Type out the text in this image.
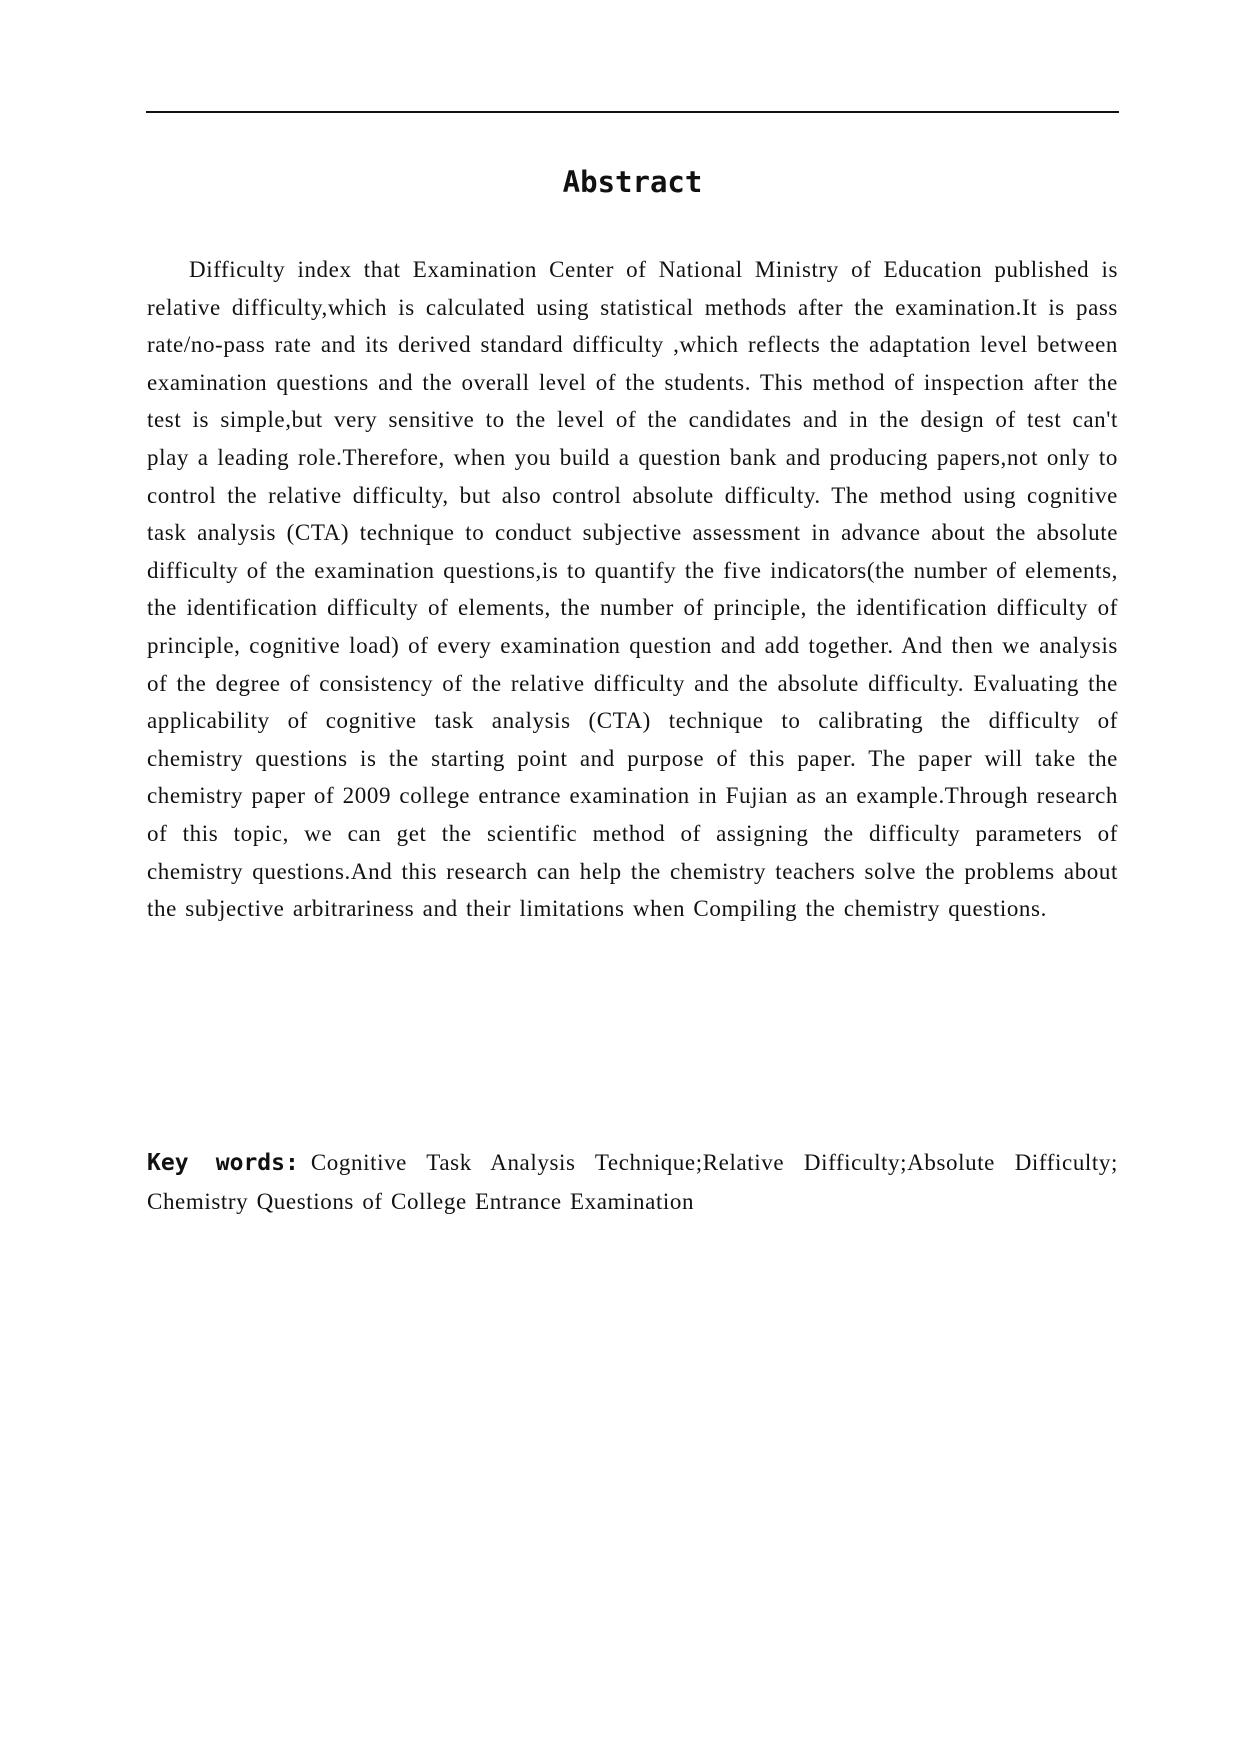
Abstract

Difficulty index that Examination Center of National Ministry of Education published is relative difficulty,which is calculated using statistical methods after the examination.It is pass rate/no-pass rate and its derived standard difficulty ,which reflects the adaptation level between examination questions and the overall level of the students. This method of inspection after the test is simple,but very sensitive to the level of the candidates and in the design of test can't play a leading role.Therefore, when you build a question bank and producing papers,not only to control the relative difficulty, but also control absolute difficulty. The method using cognitive task analysis (CTA) technique to conduct subjective assessment in advance about the absolute difficulty of the examination questions,is to quantify the five indicators(the number of elements, the identification difficulty of elements, the number of principle, the identification difficulty of principle, cognitive load) of every examination question and add together. And then we analysis of the degree of consistency of the relative difficulty and the absolute difficulty. Evaluating the applicability of cognitive task analysis (CTA) technique to calibrating the difficulty of chemistry questions is the starting point and purpose of this paper. The paper will take the chemistry paper of 2009 college entrance examination in Fujian as an example.Through research of this topic, we can get the scientific method of assigning the difficulty parameters of chemistry questions.And this research can help the chemistry teachers solve the problems about the subjective arbitrariness and their limitations when Compiling the chemistry questions.

Key words: Cognitive Task Analysis Technique;Relative Difficulty;Absolute Difficulty; Chemistry Questions of College Entrance Examination
